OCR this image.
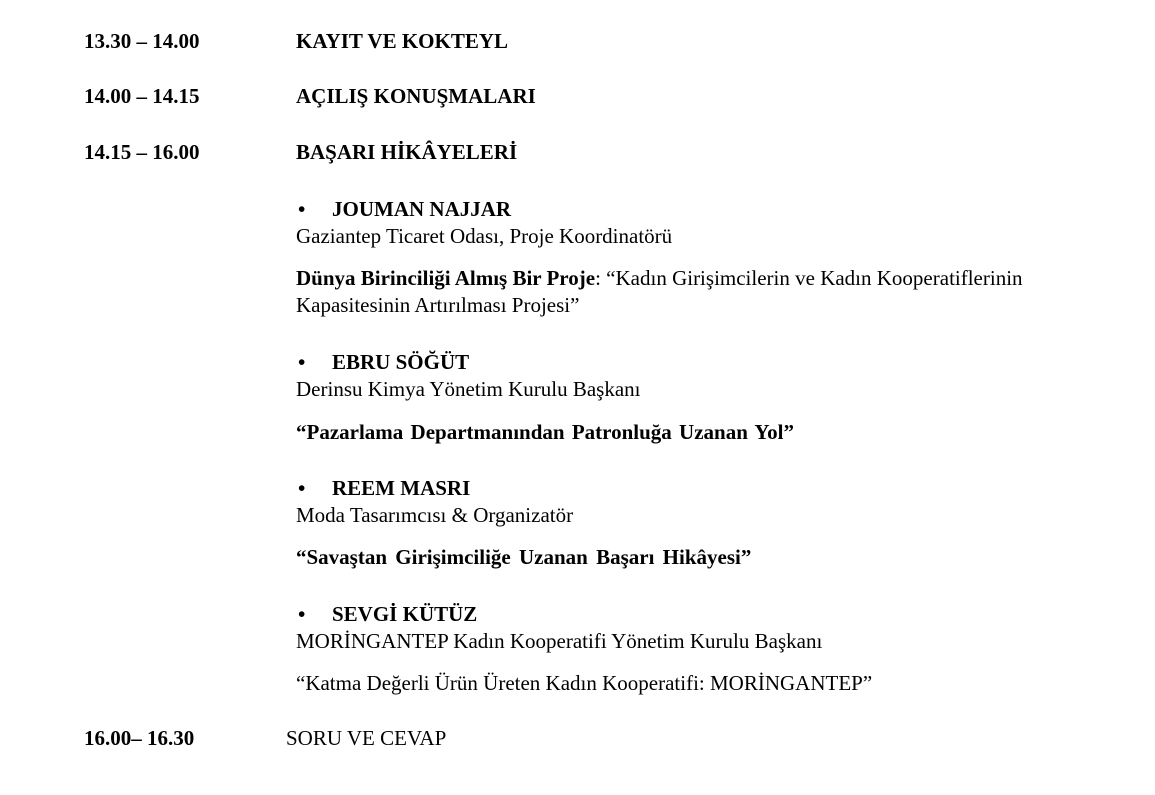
13.30 – 14.00	KAYIT VE KOKTEYL
14.00 – 14.15	AÇILIŞ KONUŞMALARI
14.15 – 16.00	BAŞARI HİKÂYELERİ
• JOUMAN NAJJAR
Gaziantep Ticaret Odası, Proje Koordinatörü
Dünya Birinciliği Almış Bir Proje: “Kadın Girişimcilerin ve Kadın Kooperatiflerinin
Kapasitesinin Artırılması Projesi”
• EBRU SÖĞÜT
Derinsu Kimya Yönetim Kurulu Başkanı
“Pazarlama Departmanından Patronluğa Uzanan Yol”
• REEM MASRI
Moda Tasarımcısı & Organizatör
“Savaştan Girişimciliğe Uzanan Başarı Hikâyesi”
• SEVGİ KÜTÜZ
MORİNGANTEP Kadın Kooperatifi Yönetim Kurulu Başkanı
“Katma Değerli Ürün Üreten Kadın Kooperatifi: MORİNGANTEP”
16.00– 16.30	SORU VE CEVAP
